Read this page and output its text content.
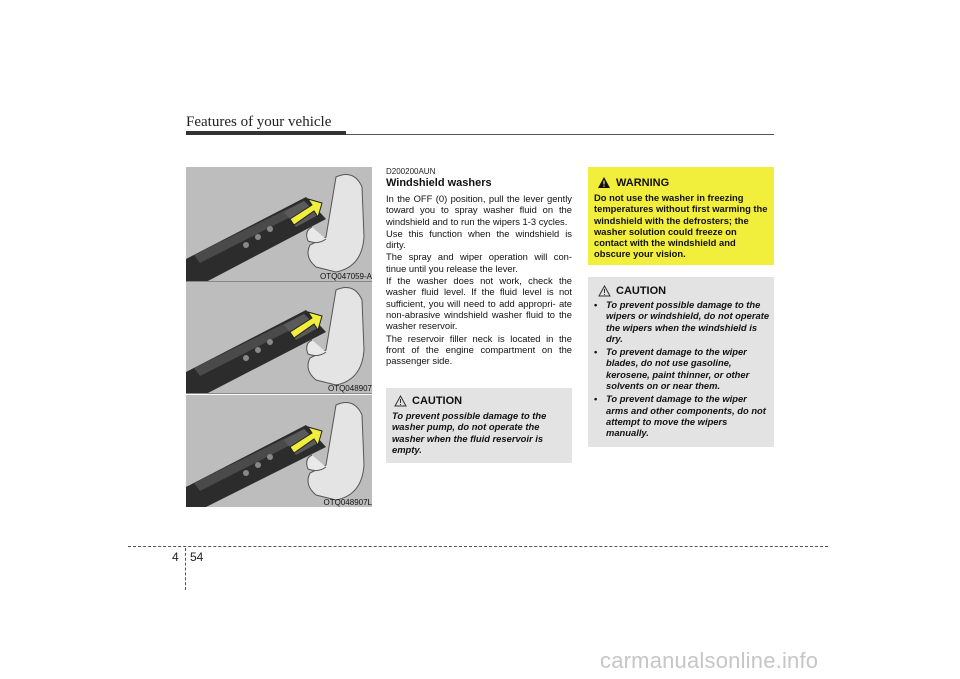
Features of your vehicle
OTQ047059-A
OTQ048907
OTQ048907L
D200200AUN
Windshield washers

In the OFF (0) position, pull the lever gently toward you to spray washer fluid on the windshield and to run the wipers 1-3 cycles.

Use this function when the windshield is dirty.

The spray and wiper operation will con- tinue until you release the lever.

If the washer does not work, check the washer fluid level. If the fluid level is not sufficient, you will need to add appropri- ate non-abrasive windshield washer fluid to the washer reservoir.

The reservoir filler neck is located in the front of the engine compartment on the passenger side.

CAUTION
To prevent possible damage to the washer pump, do not operate the washer when the fluid reservoir is empty.
WARNING
Do not use the washer in freezing temperatures without first warming the windshield with the defrosters; the washer solution could freeze on contact with the windshield and obscure your vision.
CAUTION
• To prevent possible damage to the wipers or windshield, do not operate the wipers when the windshield is dry.
• To prevent damage to the wiper blades, do not use gasoline, kerosene, paint thinner, or other solvents on or near them.
• To prevent damage to the wiper arms and other components, do not attempt to move the wipers manually.
4 54
carmanualsonline.info
